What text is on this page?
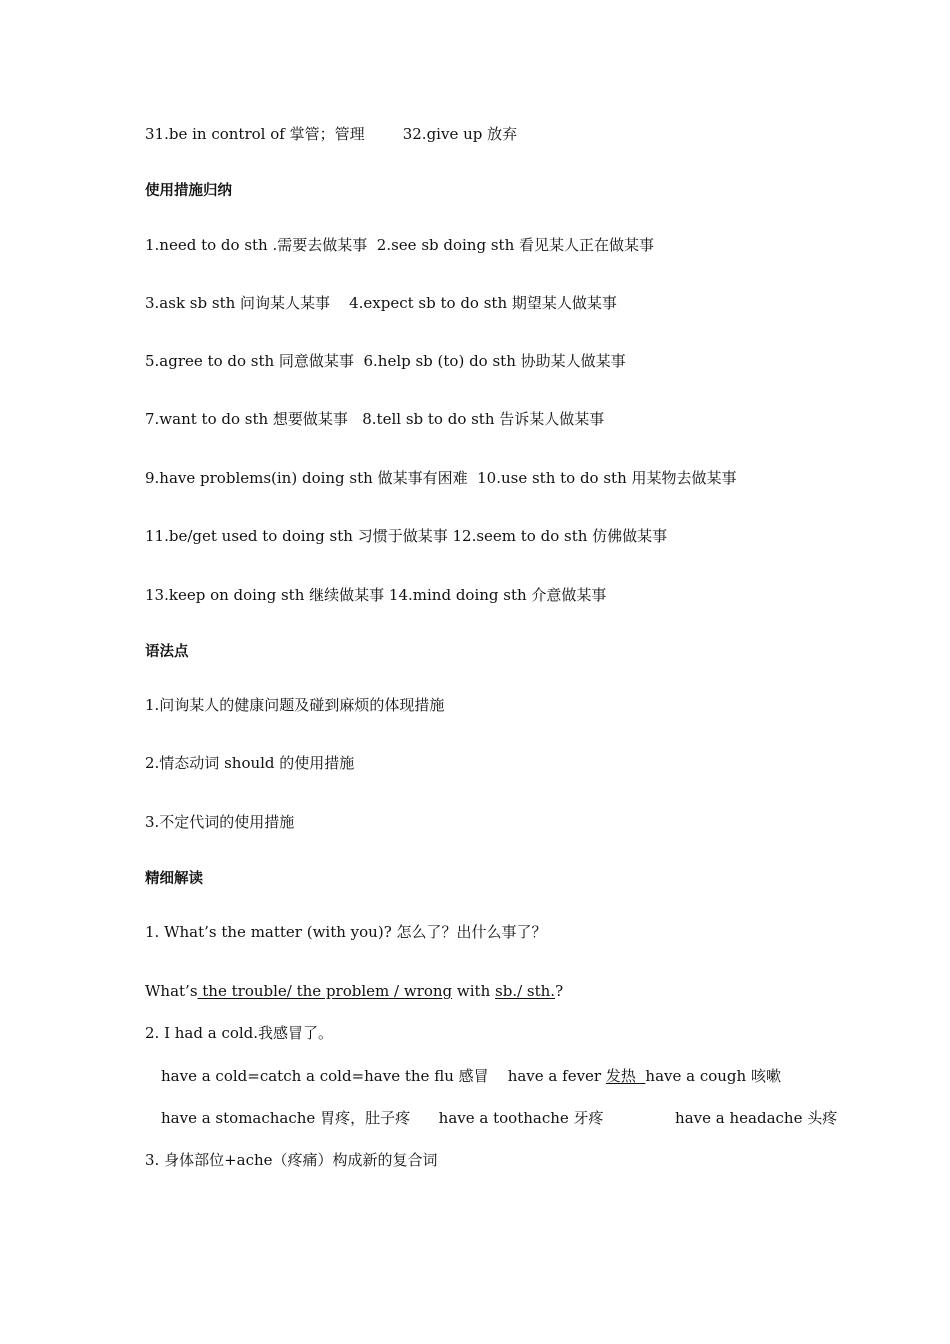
31.be in control of 掌管；管理        32.give up 放弃
使用措施归纳
1.need to do sth .需要去做某事  2.see sb doing sth 看见某人正在做某事
3.ask sb sth 问询某人某事    4.expect sb to do sth 期望某人做某事
5.agree to do sth 同意做某事  6.help sb (to) do sth 协助某人做某事
7.want to do sth 想要做某事   8.tell sb to do sth 告诉某人做某事
9.have problems(in) doing sth 做某事有困难  10.use sth to do sth 用某物去做某事
11.be/get used to doing sth 习惯于做某事 12.seem to do sth 仿佛做某事
13.keep on doing sth 继续做某事 14.mind doing sth 介意做某事
语法点
1.问询某人的健康问题及碰到麻烦的体现措施
2.情态动词 should 的使用措施
3.不定代词的使用措施
精细解读
1. What’s the matter (with you)? 怎么了？出什么事了？
What’s the trouble/ the problem / wrong with sb./ sth.?
2. I had a cold.我感冒了。
have a cold=catch a cold=have the flu 感冒    have a fever 发热  have a cough 咳嗽
have a stomachache 胃疼，肚子疼      have a toothache 牙疼               have a headache 头疼
3. 身体部位+ache（疼痛）构成新的复合词
